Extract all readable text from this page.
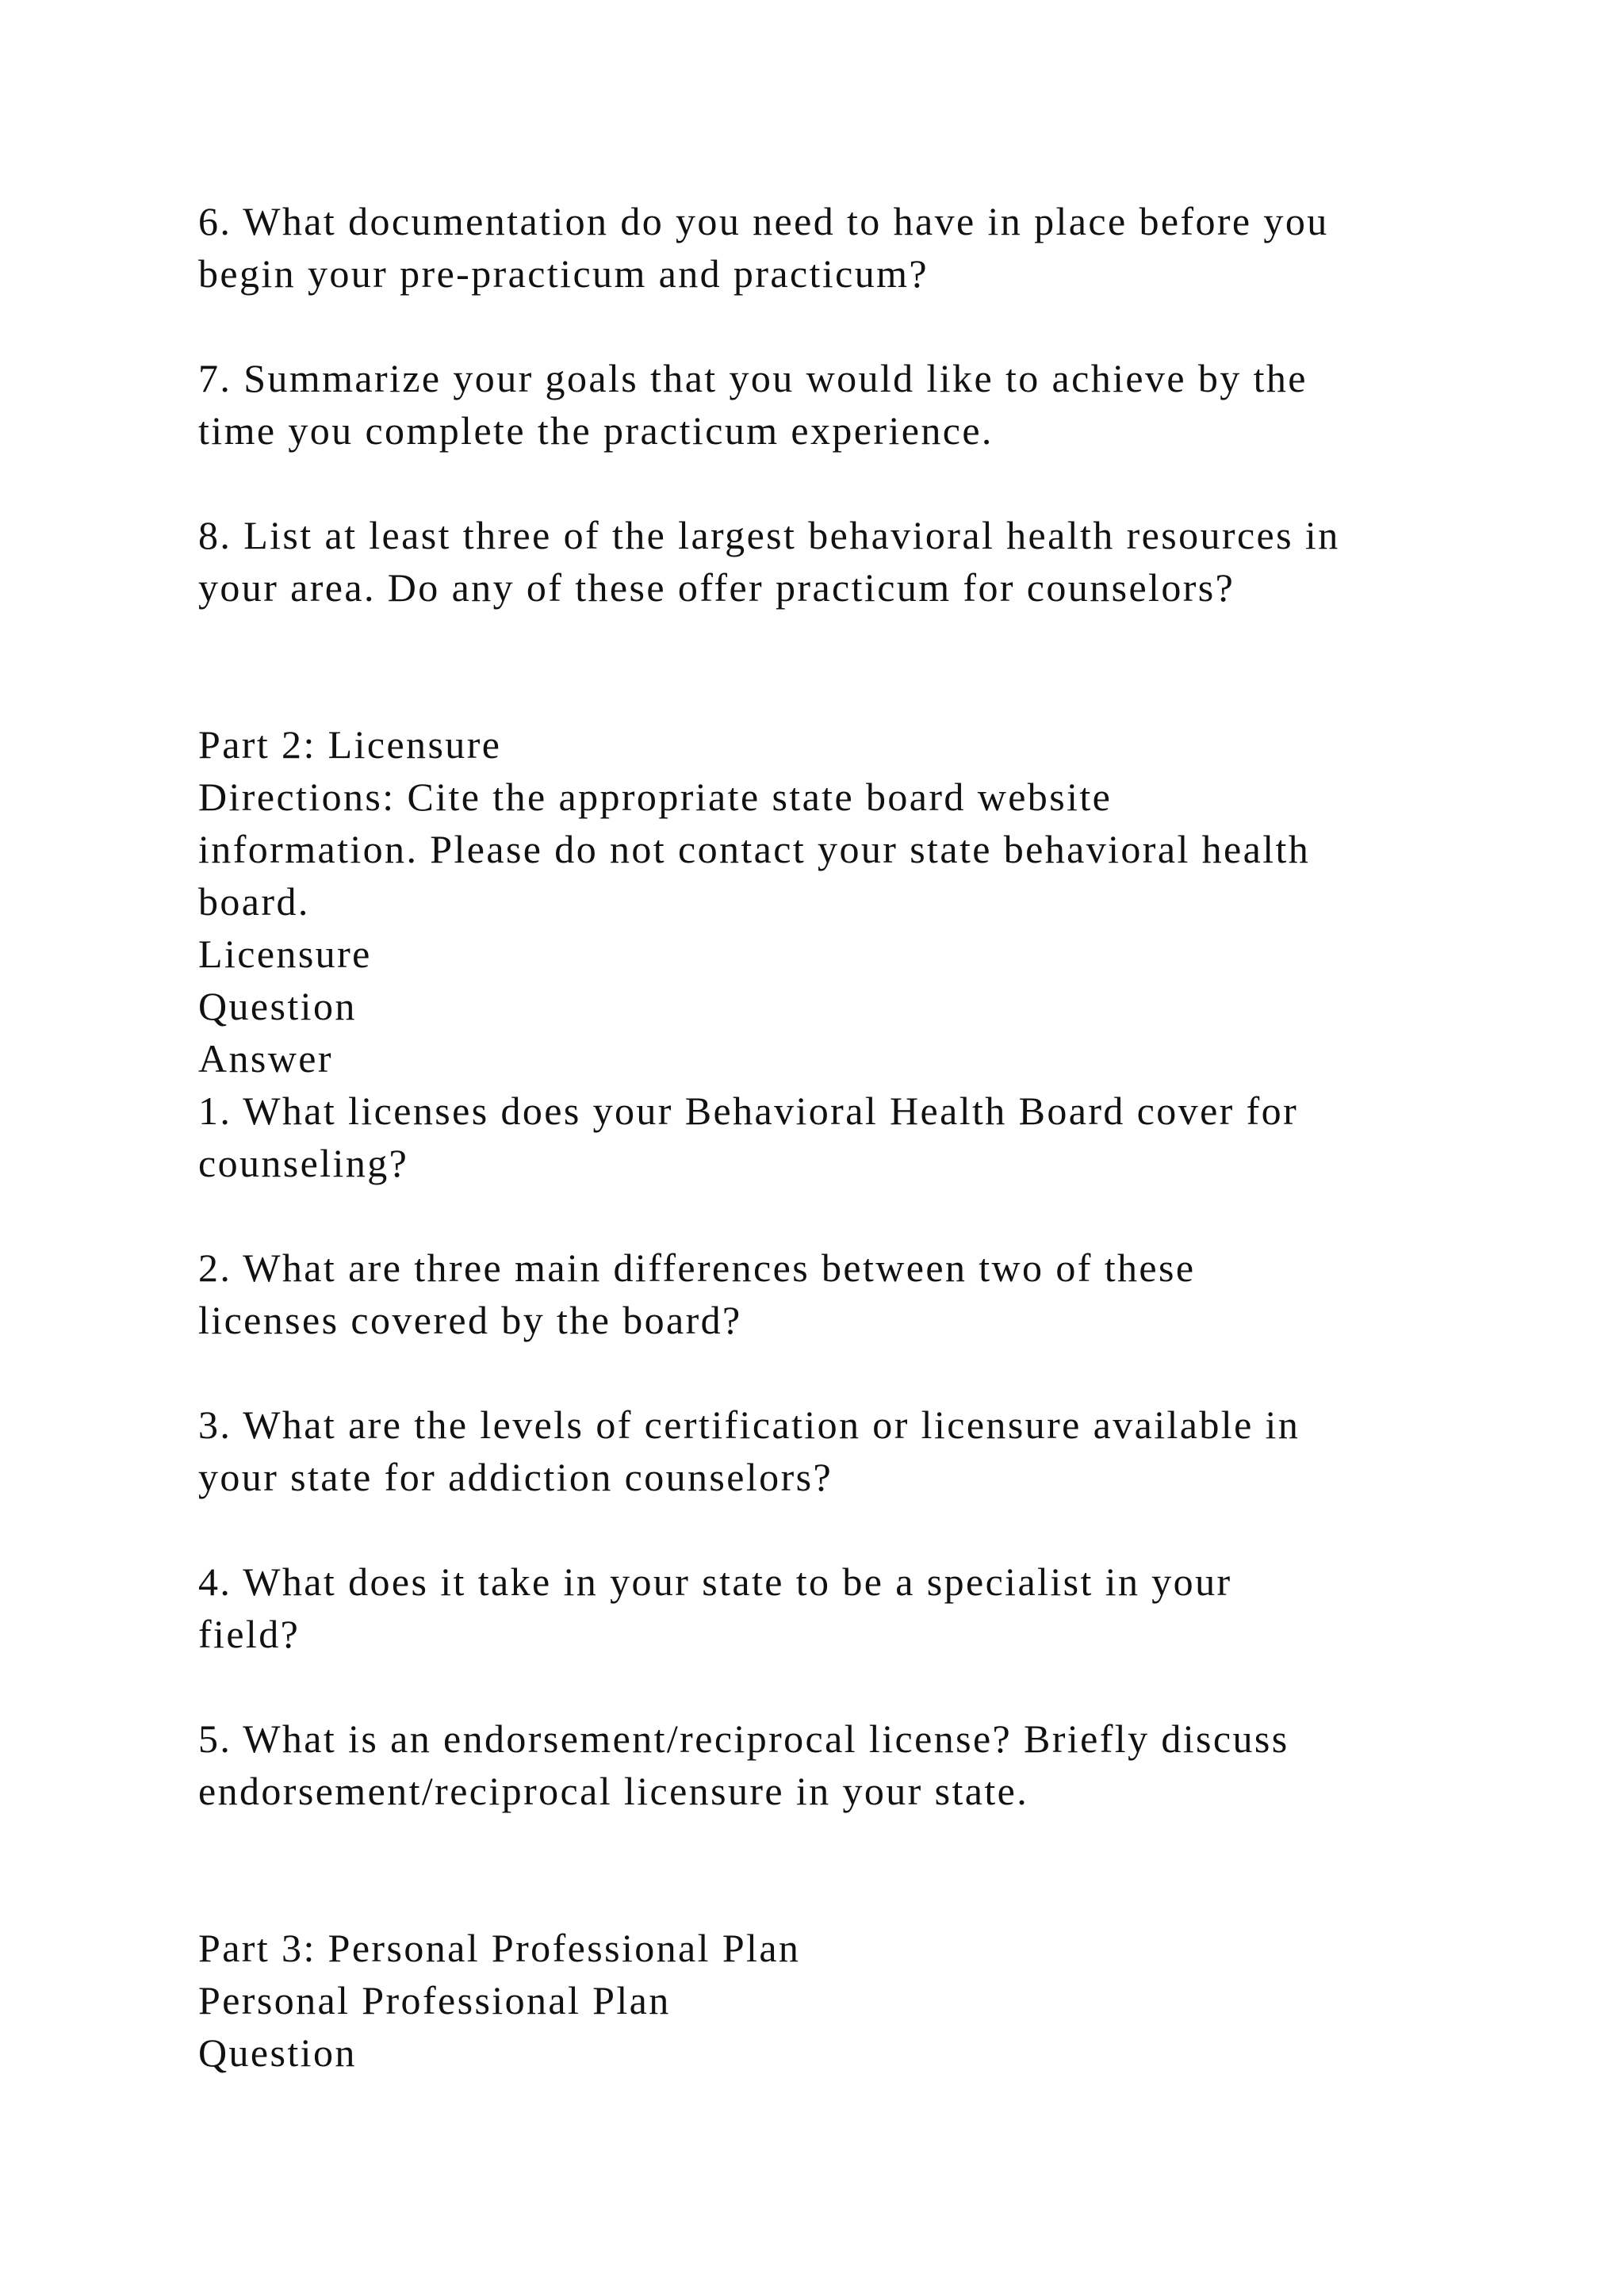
6. What documentation do you need to have in place before you
begin your pre-practicum and practicum?
7. Summarize your goals that you would like to achieve by the
time you complete the practicum experience.
8. List at least three of the largest behavioral health resources in
your area. Do any of these offer practicum for counselors?
Part 2: Licensure
Directions: Cite the appropriate state board website
information. Please do not contact your state behavioral health
board.
Licensure
Question
Answer
1. What licenses does your Behavioral Health Board cover for
counseling?
2. What are three main differences between two of these
licenses covered by the board?
3. What are the levels of certification or licensure available in
your state for addiction counselors?
4. What does it take in your state to be a specialist in your
field?
5. What is an endorsement/reciprocal license? Briefly discuss
endorsement/reciprocal licensure in your state.
Part 3: Personal Professional Plan
Personal Professional Plan
Question
